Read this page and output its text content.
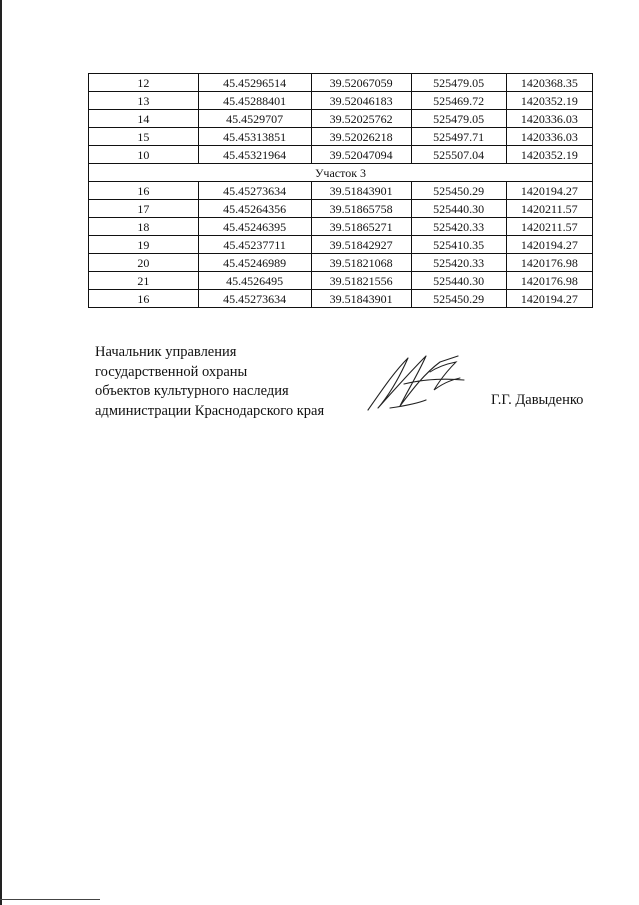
12	45.45296514	39.52067059	525479.05	1420368.35
13	45.45288401	39.52046183	525469.72	1420352.19
14	45.4529707	39.52025762	525479.05	1420336.03
15	45.45313851	39.52026218	525497.71	1420336.03
10	45.45321964	39.52047094	525507.04	1420352.19
Участок 3				
16	45.45273634	39.51843901	525450.29	1420194.27
17	45.45264356	39.51865758	525440.30	1420211.57
18	45.45246395	39.51865271	525420.33	1420211.57
19	45.45237711	39.51842927	525410.35	1420194.27
20	45.45246989	39.51821068	525420.33	1420176.98
21	45.4526495	39.51821556	525440.30	1420176.98
16	45.45273634	39.51843901	525450.29	1420194.27
Начальник управления
государственной охраны
объектов культурного наследия
администрации Краснодарского края
Г.Г. Давыденко
